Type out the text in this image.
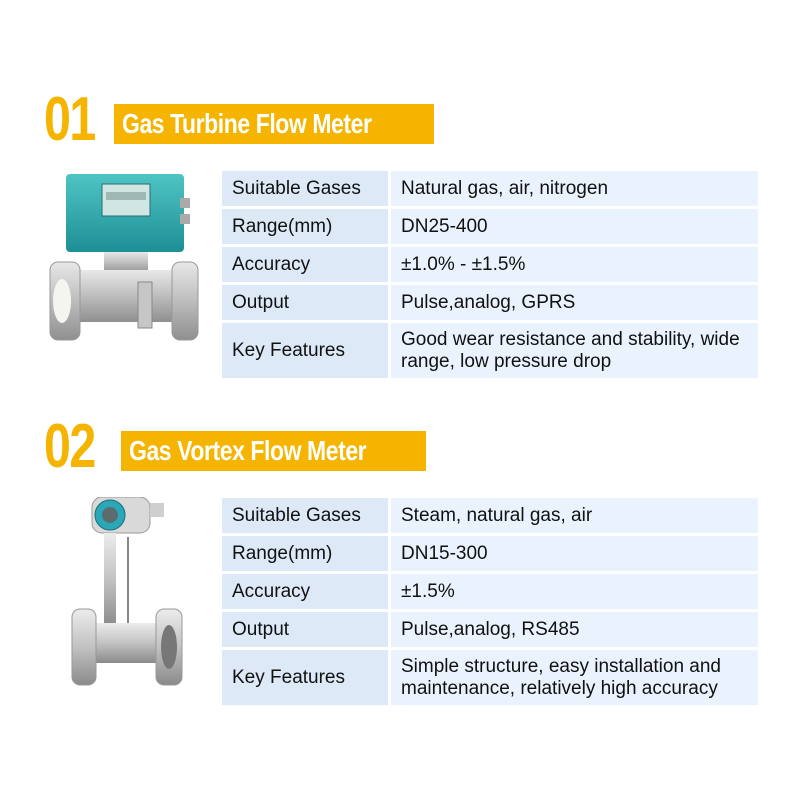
01 Gas Turbine Flow Meter
Suitable Gases	Natural gas, air, nitrogen
Range(mm)	DN25-400
Accuracy	±1.0% - ±1.5%
Output	Pulse,analog, GPRS
Key Features	Good wear resistance and stability, wide range, low pressure drop
02 Gas Vortex Flow Meter
Suitable Gases	Steam, natural gas, air
Range(mm)	DN15-300
Accuracy	±1.5%
Output	Pulse,analog, RS485
Key Features	Simple structure, easy installation and maintenance, relatively high accuracy
